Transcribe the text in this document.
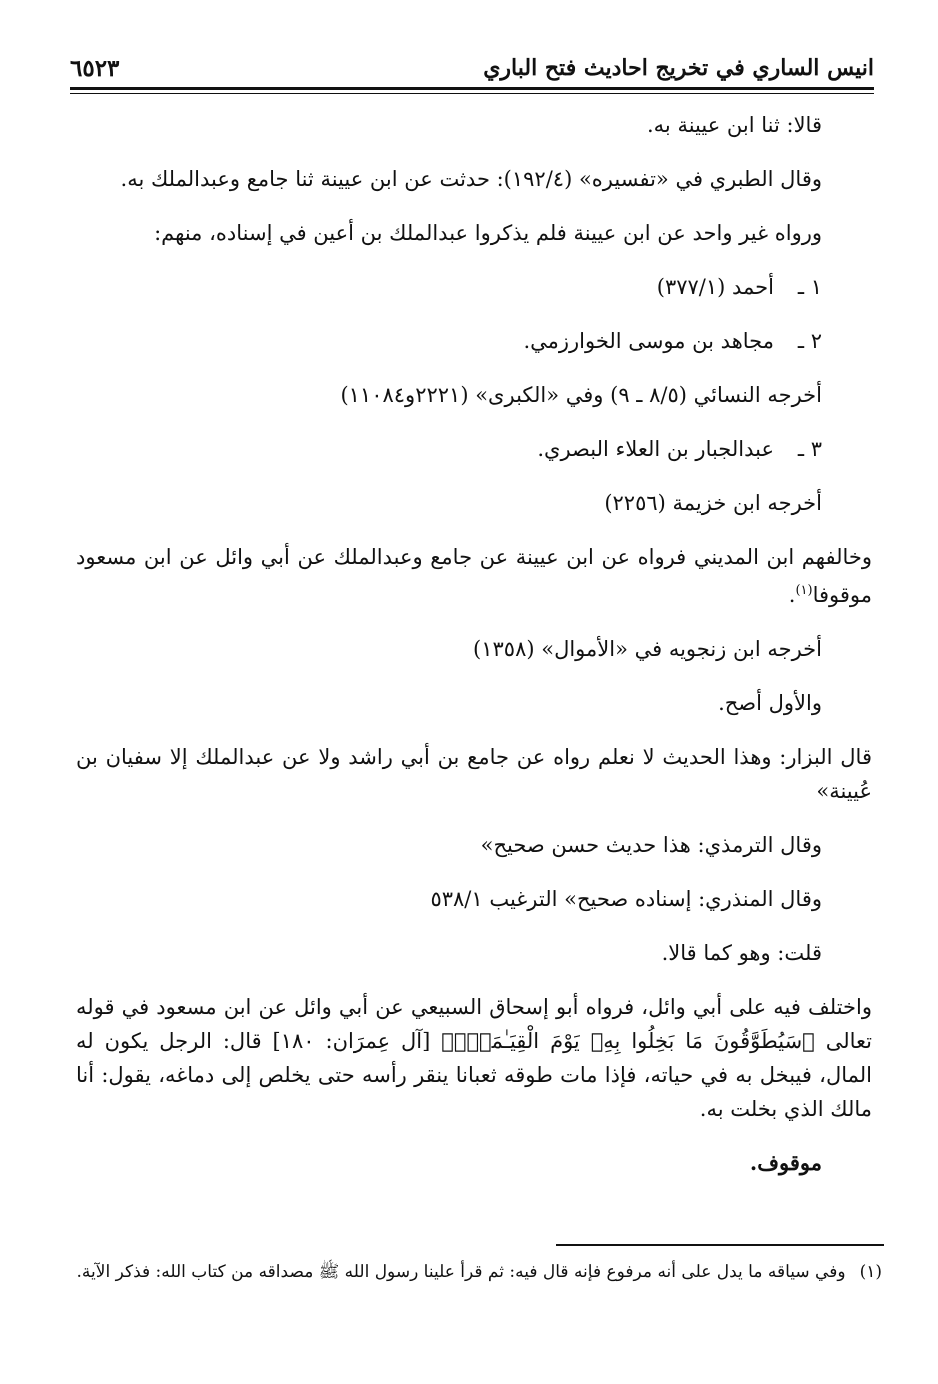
انيس الساري في تخريج احاديث فتح الباري
٦٥٢٣

قالا: ثنا ابن عيينة به.

وقال الطبري في «تفسيره» (١٩٢/٤): حدثت عن ابن عيينة ثنا جامع وعبدالملك به.

ورواه غير واحد عن ابن عيينة فلم يذكروا عبدالملك بن أعين في إسناده، منهم:

١ ـ
أحمد (٣٧٧/١)
٢ ـ
مجاهد بن موسى الخوارزمي.
أخرجه النسائي (٨/٥ ـ ٩) وفي «الكبرى» (٢٢٢١و١١٠٨٤)
٣ ـ
عبدالجبار بن العلاء البصري.
أخرجه ابن خزيمة (٢٢٥٦)

وخالفهم ابن المديني فرواه عن ابن عيينة عن جامع وعبدالملك عن أبي وائل عن ابن مسعود موقوفا$^{(١)}$.

أخرجه ابن زنجويه في «الأموال» (١٣٥٨)

والأول أصح.

قال البزار: وهذا الحديث لا نعلم رواه عن جامع بن أبي راشد ولا عن عبدالملك إلا سفيان بن عُيينة»

وقال الترمذي: هذا حديث حسن صحيح»

وقال المنذري: إسناده صحيح» الترغيب ٥٣٨/١

قلت: وهو كما قالا.

واختلف فيه على أبي وائل، فرواه أبو إسحاق السبيعي عن أبي وائل عن ابن مسعود في قوله تعالى ﴿سَيُطَوَّقُونَ مَا بَخِلُوا بِهِۦ يَوْمَ الْقِيَـٰمَةِۗ﴾ [آل عِمرَان: ١٨٠] قال: الرجل يكون له المال، فيبخل به في حياته، فإذا مات طوقه ثعبانا ينقر رأسه حتى يخلص إلى دماغه، يقول: أنا مالك الذي بخلت به.

موقوف.

(١)
وفي سياقه ما يدل على أنه مرفوع فإنه قال فيه: ثم قرأ علينا رسول الله ﷺ مصداقه من كتاب الله: فذكر الآية.
